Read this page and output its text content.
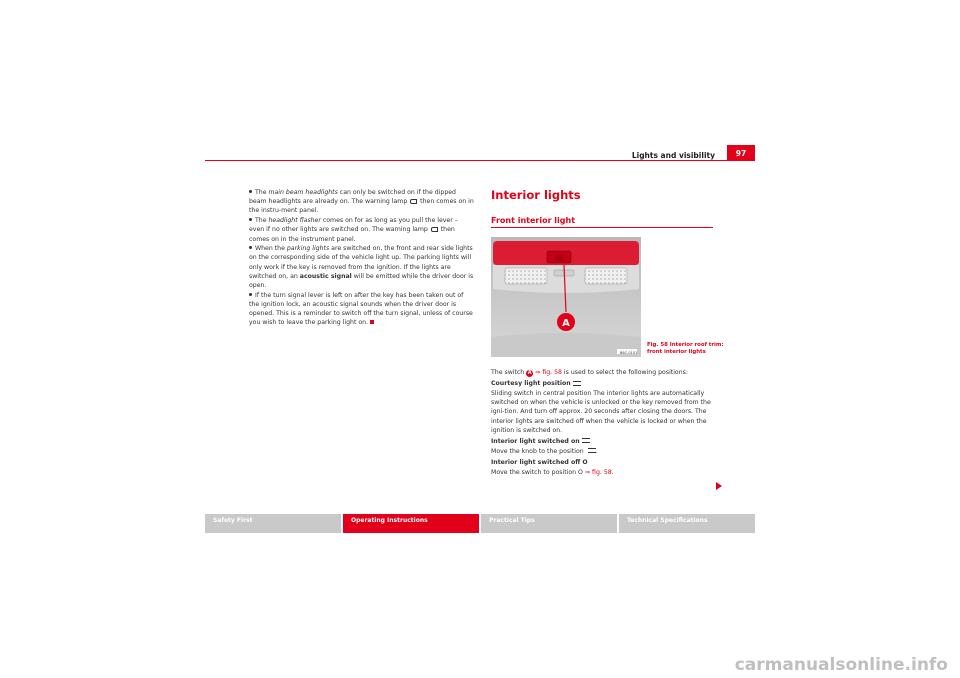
Lights and visibility	97

The main beam headlights can only be switched on if the dipped beam headlights are already on. The warning lamp  then comes on in the instru-ment panel.

The headlight flasher comes on for as long as you pull the lever – even if no other lights are switched on. The warning lamp  then comes on in the instrument panel.

When the parking lights are switched on, the front and rear side lights on the corresponding side of the vehicle light up. The parking lights will only work if the key is removed from the ignition. If the lights are switched on, an acoustic signal will be emitted while the driver door is open.

If the turn signal lever is left on after the key has been taken out of the ignition lock, an acoustic signal sounds when the driver door is opened. This is a reminder to switch off the turn signal, unless of course you wish to leave the parking light on.

Interior lights
Front interior light
A
B6C-0101
Fig. 58 Interior roof trim: front interior lights

The switch A ⇒ fig. 58 is used to select the following positions:

Courtesy light position

Sliding switch in central position The interior lights are automatically switched on when the vehicle is unlocked or the key removed from the igni-tion. And turn off approx. 20 seconds after closing the doors. The interior lights are switched off when the vehicle is locked or when the ignition is switched on.

Interior light switched on

Move the knob to the position .

Interior light switched off O

Move the switch to position O ⇒ fig. 58.

Safety First	Operating Instructions	Practical Tips	Technical Specifications
carmanualsonline.info
